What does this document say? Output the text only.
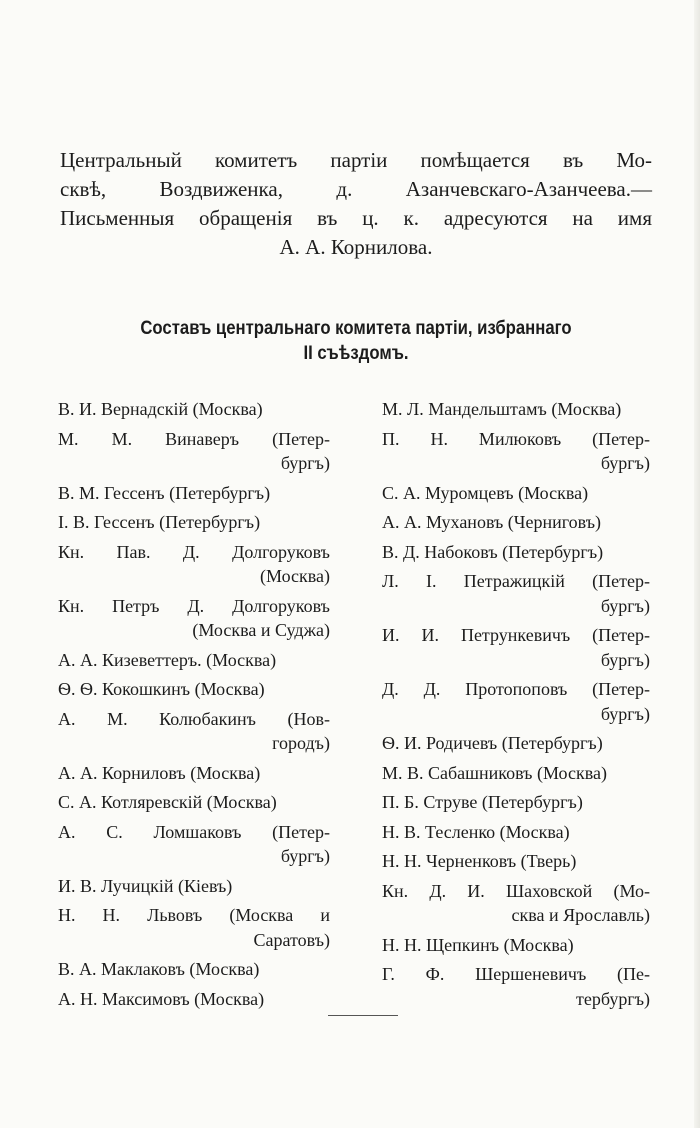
Центральный комитетъ партіи помѣщается въ Мо-
сквѣ, Воздвиженка, д. Азанчевскаго-Азанчеева.—
Письменныя обращенія въ ц. к. адресуются на имя
А. А. Корнилова.
Составъ центральнаго комитета партіи, избраннаго
II съѣздомъ.
В. И. Вернадскій (Москва)
М. М. Винаверъ (Петер-
бургъ)
В. М. Гессенъ (Петербургъ)
І. В. Гессенъ (Петербургъ)
Кн. Пав. Д. Долгоруковъ
(Москва)
Кн. Петръ Д. Долгоруковъ
(Москва и Суджа)
А. А. Кизеветтеръ. (Москва)
Ѳ. Ѳ. Кокошкинъ (Москва)
А. М. Колюбакинъ (Нов-
городъ)
А. А. Корниловъ (Москва)
С. А. Котляревскій (Москва)
А. С. Ломшаковъ (Петер-
бургъ)
И. В. Лучицкій (Кіевъ)
Н. Н. Львовъ (Москва и
Саратовъ)
В. А. Маклаковъ (Москва)
А. Н. Максимовъ (Москва)
М. Л. Мандельштамъ (Москва)
П. Н. Милюковъ (Петер-
бургъ)
С. А. Муромцевъ (Москва)
А. А. Мухановъ (Черниговъ)
В. Д. Набоковъ (Петербургъ)
Л. І. Петражицкій (Петер-
бургъ)
И. И. Петрункевичъ (Петер-
бургъ)
Д. Д. Протопоповъ (Петер-
бургъ)
Ѳ. И. Родичевъ (Петербургъ)
М. В. Сабашниковъ (Москва)
П. Б. Струве (Петербургъ)
Н. В. Тесленко (Москва)
Н. Н. Черненковъ (Тверь)
Кн. Д. И. Шаховской (Мо-
сква и Ярославль)
Н. Н. Щепкинъ (Москва)
Г. Ф. Шершеневичъ (Пе-
тербургъ)
